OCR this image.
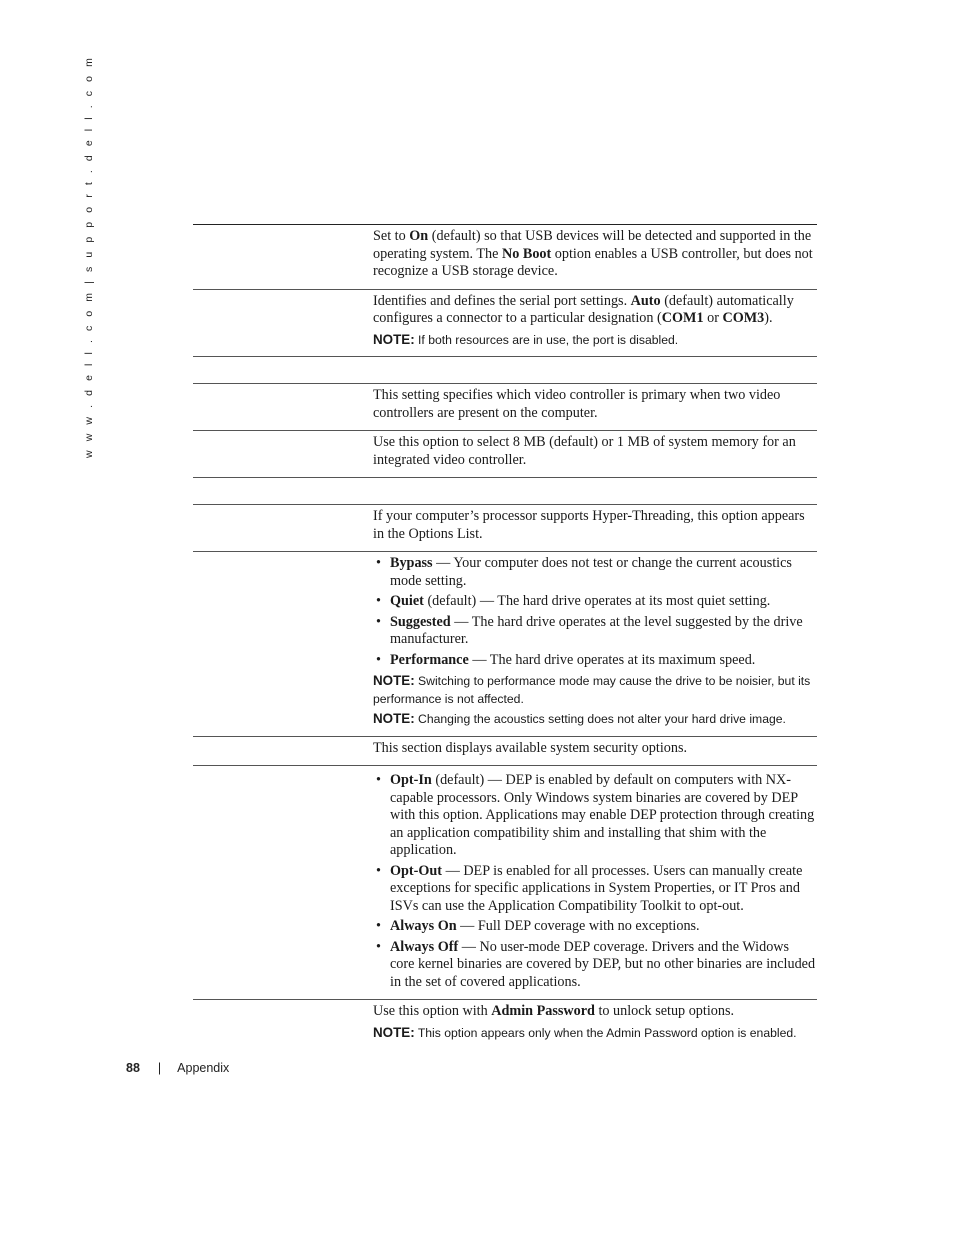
w w w . d e l l . c o m | s u p p o r t . d e l l . c o m	Set to On (default) so that USB devices will be detected and supported in the operating system. The No Boot option enables a USB controller, but does not recognize a USB storage device.

Identifies and defines the serial port settings. Auto (default) automatically configures a connector to a particular designation (COM1 or COM3).

NOTE: If both resources are in use, the port is disabled.

This setting specifies which video controller is primary when two video controllers are present on the computer.

Use this option to select 8 MB (default) or 1 MB of system memory for an integrated video controller.

If your computer’s processor supports Hyper-Threading, this option appears in the Options List.

• Bypass — Your computer does not test or change the current acoustics mode setting.
• Quiet (default) — The hard drive operates at its most quiet setting.
• Suggested — The hard drive operates at the level suggested by the drive manufacturer.
• Performance — The hard drive operates at its maximum speed.
NOTE: Switching to performance mode may cause the drive to be noisier, but its performance is not affected.
NOTE: Changing the acoustics setting does not alter your hard drive image.

This section displays available system security options.

• Opt-In (default) — DEP is enabled by default on computers with NX-capable processors. Only Windows system binaries are covered by DEP with this option. Applications may enable DEP protection through creating an application compatibility shim and installing that shim with the application.
• Opt-Out — DEP is enabled for all processes. Users can manually create exceptions for specific applications in System Properties, or IT Pros and ISVs can use the Application Compatibility Toolkit to opt-out.
• Always On — Full DEP coverage with no exceptions.
• Always Off — No user-mode DEP coverage. Drivers and the Widows core kernel binaries are covered by DEP, but no other binaries are included in the set of covered applications.

Use this option with Admin Password to unlock setup options.

NOTE: This option appears only when the Admin Password option is enabled.
88 | Appendix
